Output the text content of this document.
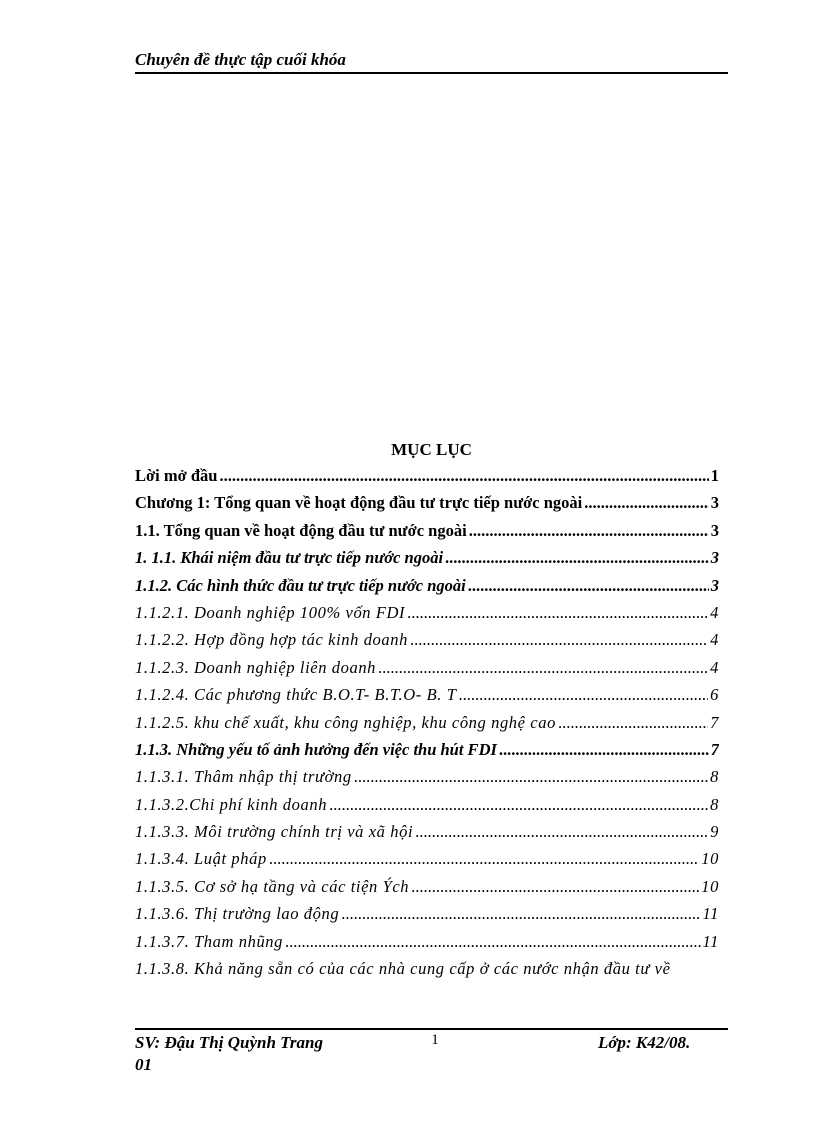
Chuyên đề thực tập cuối khóa
MỤC LỤC
Lời mở đầu .....	1
Chương 1: Tổng quan về hoạt động đầu tư trực tiếp nước ngoài .....	3
1.1. Tổng quan về hoạt động đầu tư nước ngoài .....	3
1. 1.1. Khái niệm đầu tư trực tiếp nước ngoài .....	3
1.1.2. Các hình thức đầu tư trực tiếp nước ngoài .....	3
1.1.2.1. Doanh nghiệp 100% vốn FDI .....	4
1.1.2.2. Hợp đồng hợp tác kinh doanh .....	4
1.1.2.3. Doanh nghiệp liên doanh .....	4
1.1.2.4. Các phương thức B.O.T- B.T.O- B. T .....	6
1.1.2.5. khu chế xuất, khu công nghiệp, khu công nghệ cao .....	7
1.1.3. Những yếu tố ảnh hưởng đến việc thu hút FDI .....	7
1.1.3.1. Thâm nhập thị trường .....	8
1.1.3.2.Chi phí kinh doanh .....	8
1.1.3.3. Môi trường chính trị và xã hội .....	9
1.1.3.4. Luật pháp .....	10
1.1.3.5. Cơ sở hạ tầng và các tiện Ých .....	10
1.1.3.6. Thị trường lao động .....	11
1.1.3.7. Tham nhũng .....	11
1.1.3.8. Khả năng sẵn có của các nhà cung cấp ở các nước nhận đầu tư về
SV: Đậu Thị Quỳnh Trang
01
1	Lớp: K42/08.
